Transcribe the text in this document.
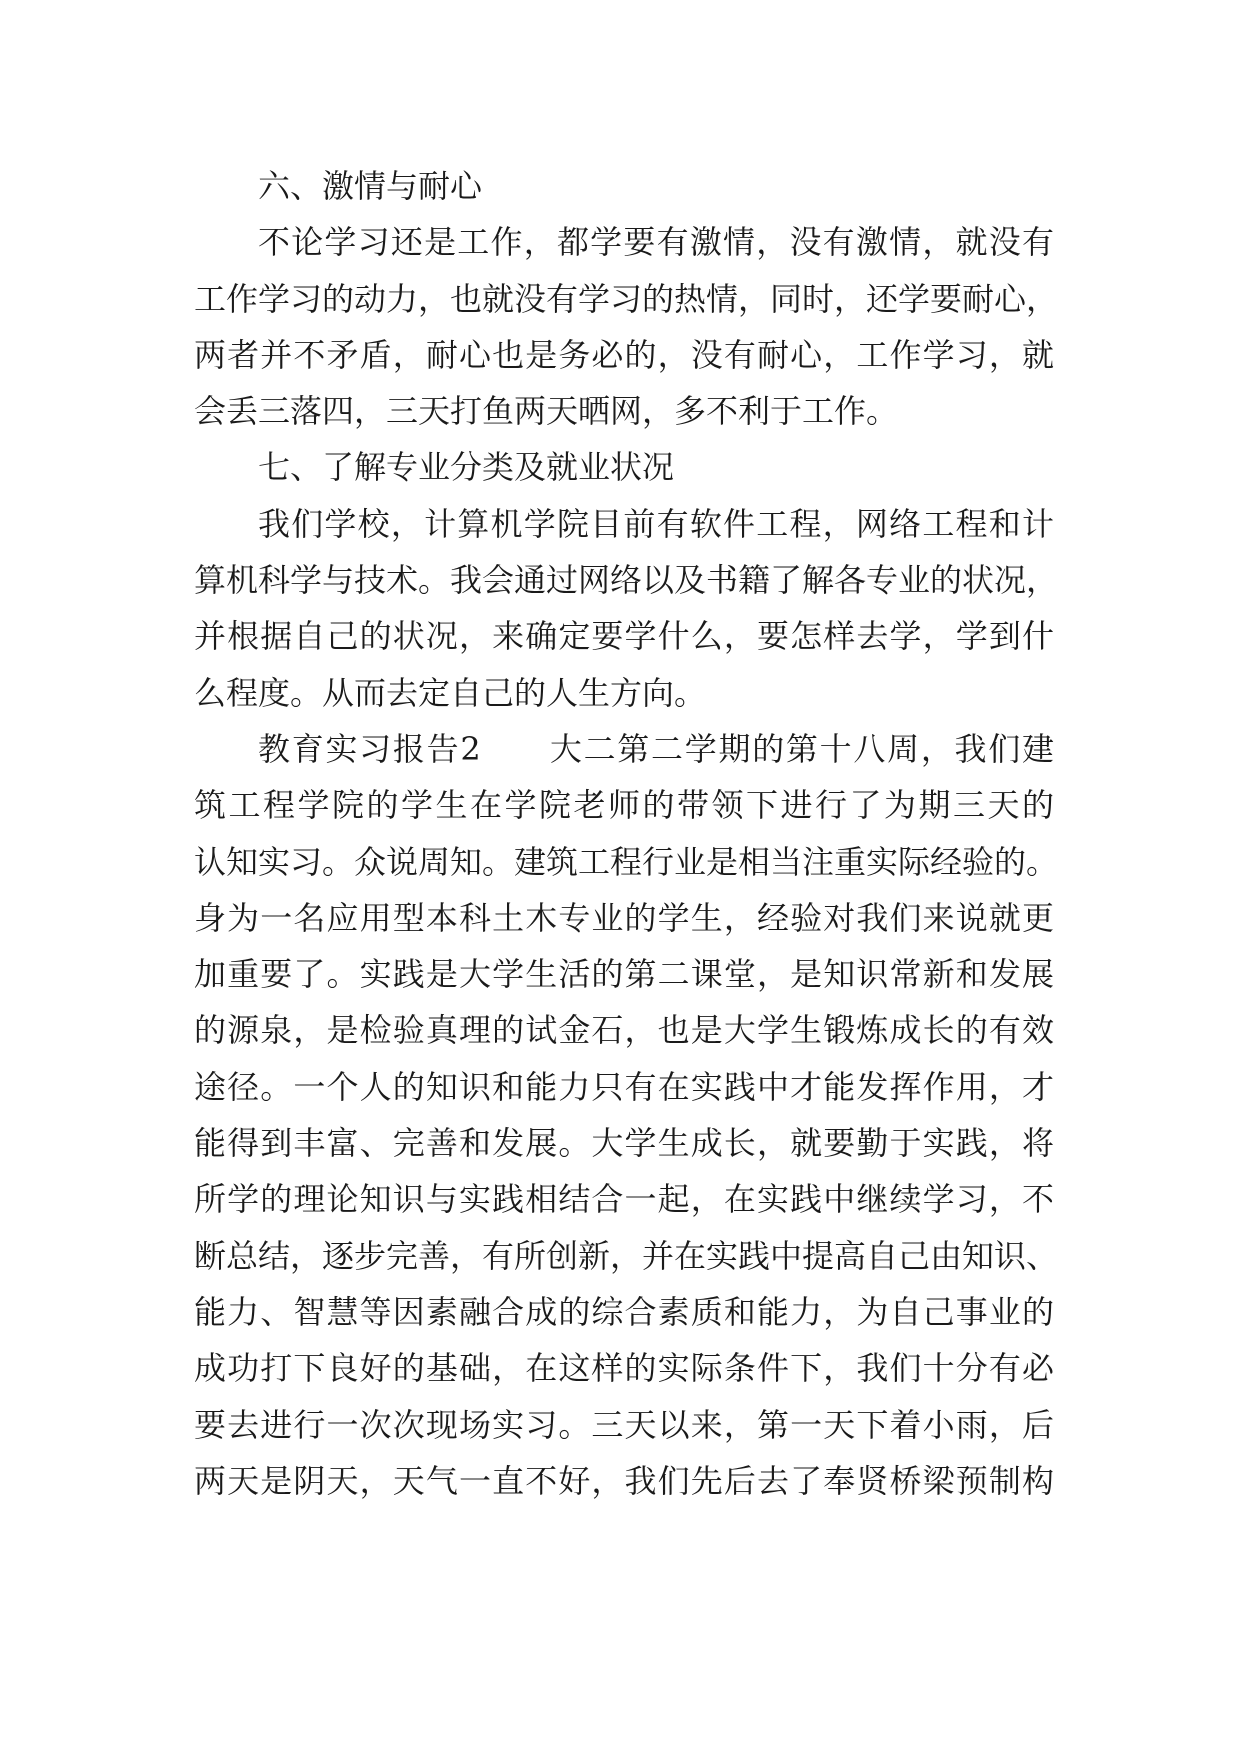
六、激情与耐心
不论学习还是工作，都学要有激情，没有激情，就没有
工作学习的动力，也就没有学习的热情，同时，还学要耐心，
两者并不矛盾，耐心也是务必的，没有耐心，工作学习，就
会丢三落四，三天打鱼两天晒网，多不利于工作。
七、了解专业分类及就业状况
我们学校，计算机学院目前有软件工程，网络工程和计
算机科学与技术。我会通过网络以及书籍了解各专业的状况，
并根据自己的状况，来确定要学什么，要怎样去学，学到什
么程度。从而去定自己的人生方向。
教育实习报告2　　大二第二学期的第十八周，我们建
筑工程学院的学生在学院老师的带领下进行了为期三天的
认知实习。众说周知。建筑工程行业是相当注重实际经验的。
身为一名应用型本科土木专业的学生，经验对我们来说就更
加重要了。实践是大学生活的第二课堂，是知识常新和发展
的源泉，是检验真理的试金石，也是大学生锻炼成长的有效
途径。一个人的知识和能力只有在实践中才能发挥作用，才
能得到丰富、完善和发展。大学生成长，就要勤于实践，将
所学的理论知识与实践相结合一起，在实践中继续学习，不
断总结，逐步完善，有所创新，并在实践中提高自己由知识、
能力、智慧等因素融合成的综合素质和能力，为自己事业的
成功打下良好的基础，在这样的实际条件下，我们十分有必
要去进行一次次现场实习。三天以来，第一天下着小雨，后
两天是阴天，天气一直不好，我们先后去了奉贤桥梁预制构
